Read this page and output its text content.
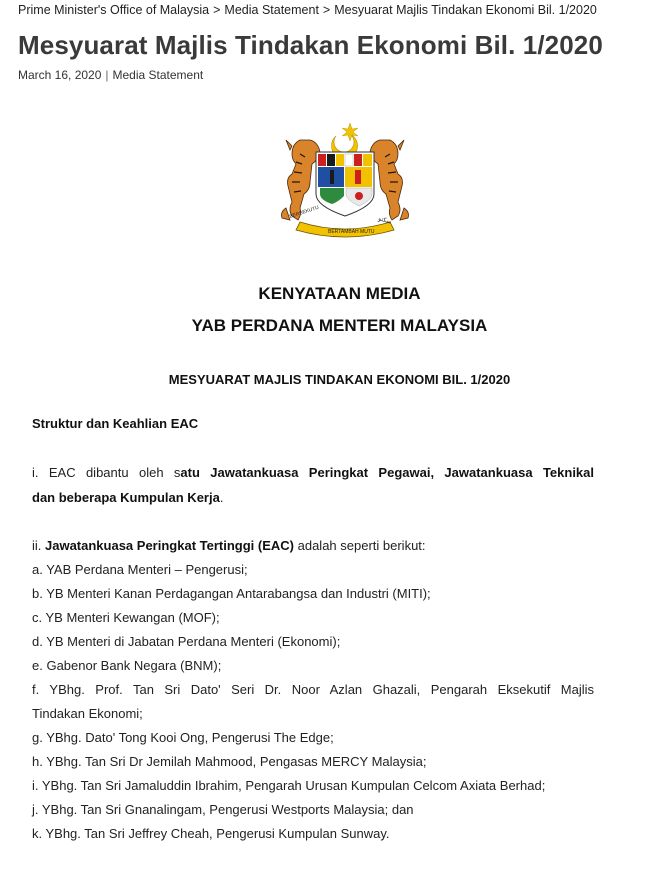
Prime Minister's Office of Malaysia > Media Statement > Mesyuarat Majlis Tindakan Ekonomi Bil. 1/2020
Mesyuarat Majlis Tindakan Ekonomi Bil. 1/2020
March 16, 2020 | Media Statement
BERSEKUTU
BERTAMBAH MUTU
سکتو
KENYATAAN MEDIA
YAB PERDANA MENTERI MALAYSIA
MESYUARAT MAJLIS TINDAKAN EKONOMI BIL. 1/2020
Struktur dan Keahlian EAC
i. EAC dibantu oleh satu Jawatankuasa Peringkat Pegawai, Jawatankuasa Teknikal
dan beberapa Kumpulan Kerja.
ii. Jawatankuasa Peringkat Tertinggi (EAC) adalah seperti berikut:
a. YAB Perdana Menteri – Pengerusi;
b. YB Menteri Kanan Perdagangan Antarabangsa dan Industri (MITI);
c. YB Menteri Kewangan (MOF);
d. YB Menteri di Jabatan Perdana Menteri (Ekonomi);
e. Gabenor Bank Negara (BNM);
f. YBhg. Prof. Tan Sri Dato' Seri Dr. Noor Azlan Ghazali, Pengarah Eksekutif Majlis
Tindakan Ekonomi;
g. YBhg. Dato' Tong Kooi Ong, Pengerusi The Edge;
h. YBhg. Tan Sri Dr Jemilah Mahmood, Pengasas MERCY Malaysia;
i. YBhg. Tan Sri Jamaluddin Ibrahim, Pengarah Urusan Kumpulan Celcom Axiata Berhad;
j. YBhg. Tan Sri Gnanalingam, Pengerusi Westports Malaysia; dan
k. YBhg. Tan Sri Jeffrey Cheah, Pengerusi Kumpulan Sunway.
